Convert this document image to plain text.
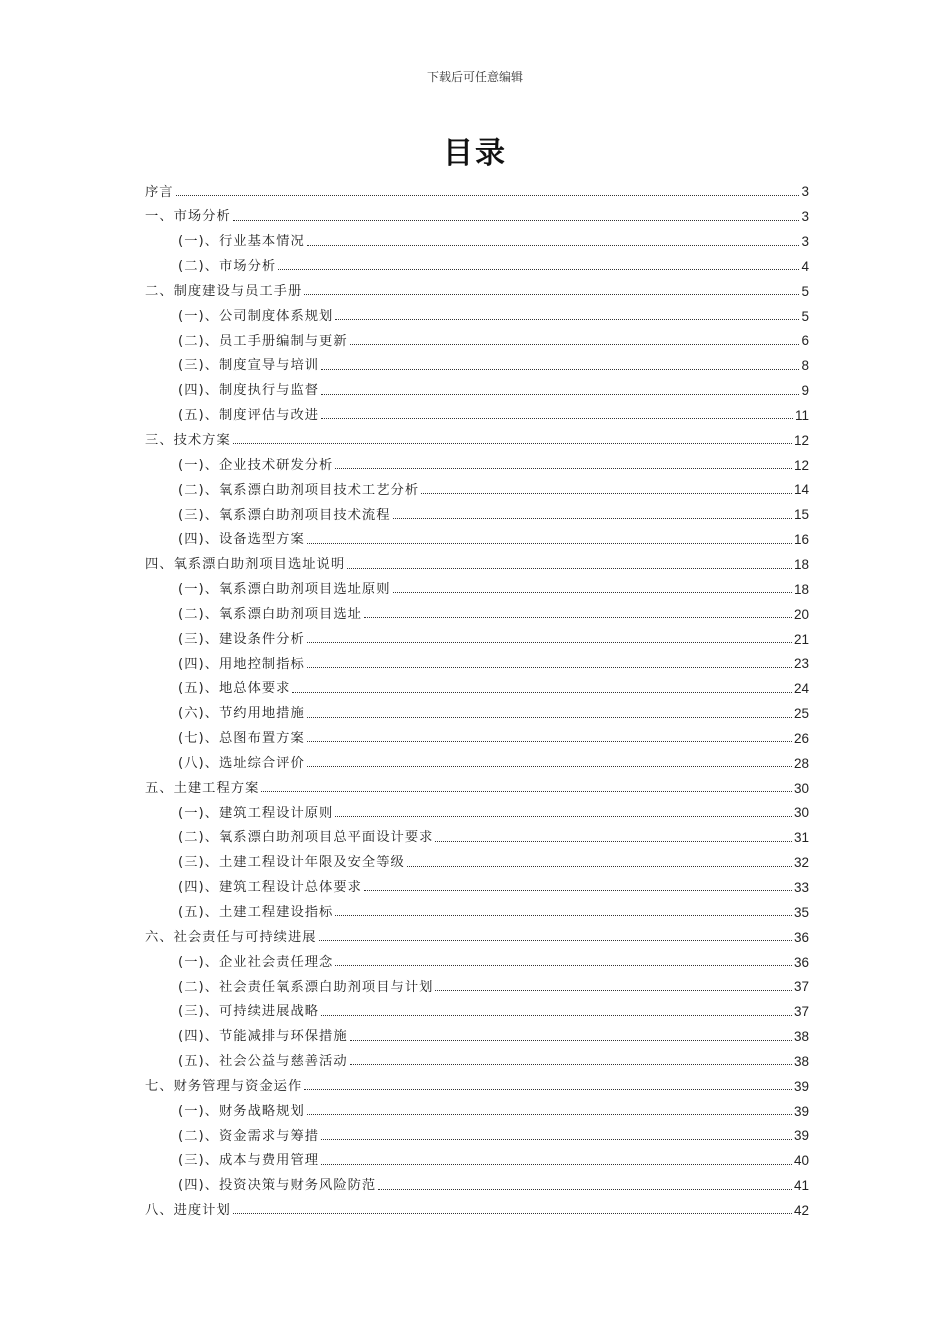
下载后可任意编辑
目录
序言	3
一、市场分析	3
(一)、行业基本情况	3
(二)、市场分析	4
二、制度建设与员工手册	5
(一)、公司制度体系规划	5
(二)、员工手册编制与更新	6
(三)、制度宣导与培训	8
(四)、制度执行与监督	9
(五)、制度评估与改进	11
三、技术方案	12
(一)、企业技术研发分析	12
(二)、氧系漂白助剂项目技术工艺分析	14
(三)、氧系漂白助剂项目技术流程	15
(四)、设备选型方案	16
四、氧系漂白助剂项目选址说明	18
(一)、氧系漂白助剂项目选址原则	18
(二)、氧系漂白助剂项目选址	20
(三)、建设条件分析	21
(四)、用地控制指标	23
(五)、地总体要求	24
(六)、节约用地措施	25
(七)、总图布置方案	26
(八)、选址综合评价	28
五、土建工程方案	30
(一)、建筑工程设计原则	30
(二)、氧系漂白助剂项目总平面设计要求	31
(三)、土建工程设计年限及安全等级	32
(四)、建筑工程设计总体要求	33
(五)、土建工程建设指标	35
六、社会责任与可持续进展	36
(一)、企业社会责任理念	36
(二)、社会责任氧系漂白助剂项目与计划	37
(三)、可持续进展战略	37
(四)、节能减排与环保措施	38
(五)、社会公益与慈善活动	38
七、财务管理与资金运作	39
(一)、财务战略规划	39
(二)、资金需求与筹措	39
(三)、成本与费用管理	40
(四)、投资决策与财务风险防范	41
八、进度计划	42
